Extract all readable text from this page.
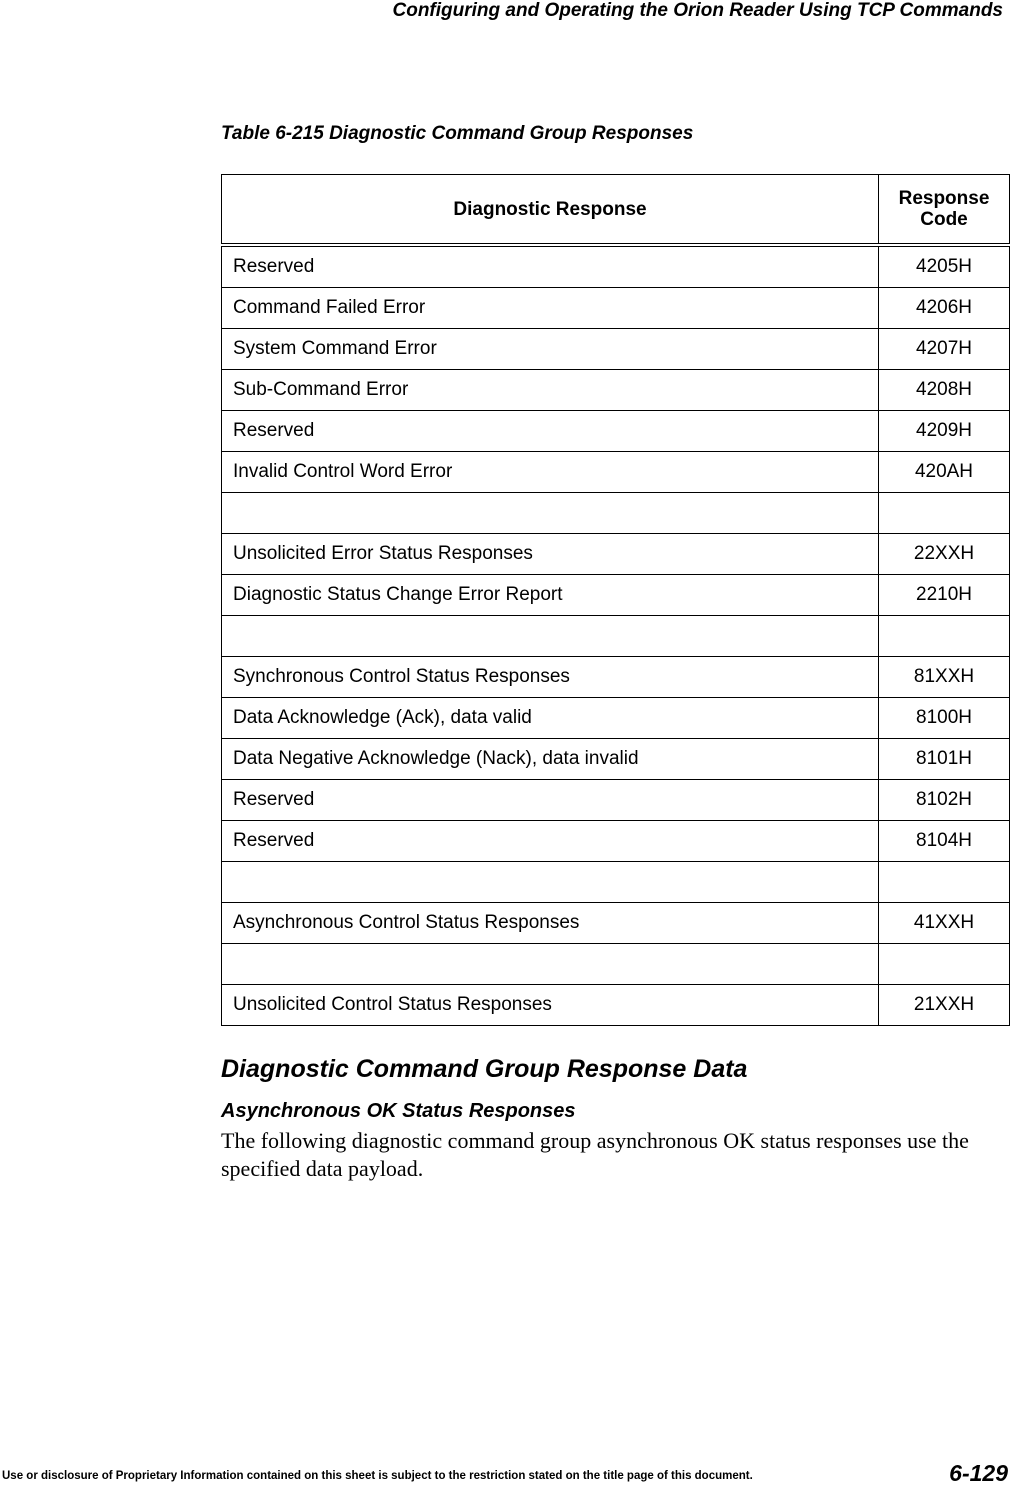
Configuring and Operating the Orion Reader Using TCP Commands
Table 6-215 Diagnostic Command Group Responses
Diagnostic Response	Response Code
Reserved	4205H
Command Failed Error	4206H
System Command Error	4207H
Sub-Command Error	4208H
Reserved	4209H
Invalid Control Word Error	420AH

Unsolicited Error Status Responses	22XXH
Diagnostic Status Change Error Report	2210H

Synchronous Control Status Responses	81XXH
Data Acknowledge (Ack), data valid	8100H
Data Negative Acknowledge (Nack), data invalid	8101H
Reserved	8102H
Reserved	8104H

Asynchronous Control Status Responses	41XXH

Unsolicited Control Status Responses	21XXH
Diagnostic Command Group Response Data
Asynchronous OK Status Responses
The following diagnostic command group asynchronous OK status responses use the specified data payload.
Use or disclosure of Proprietary Information contained on this sheet is subject to the restriction stated on the title page of this document.	6-129
